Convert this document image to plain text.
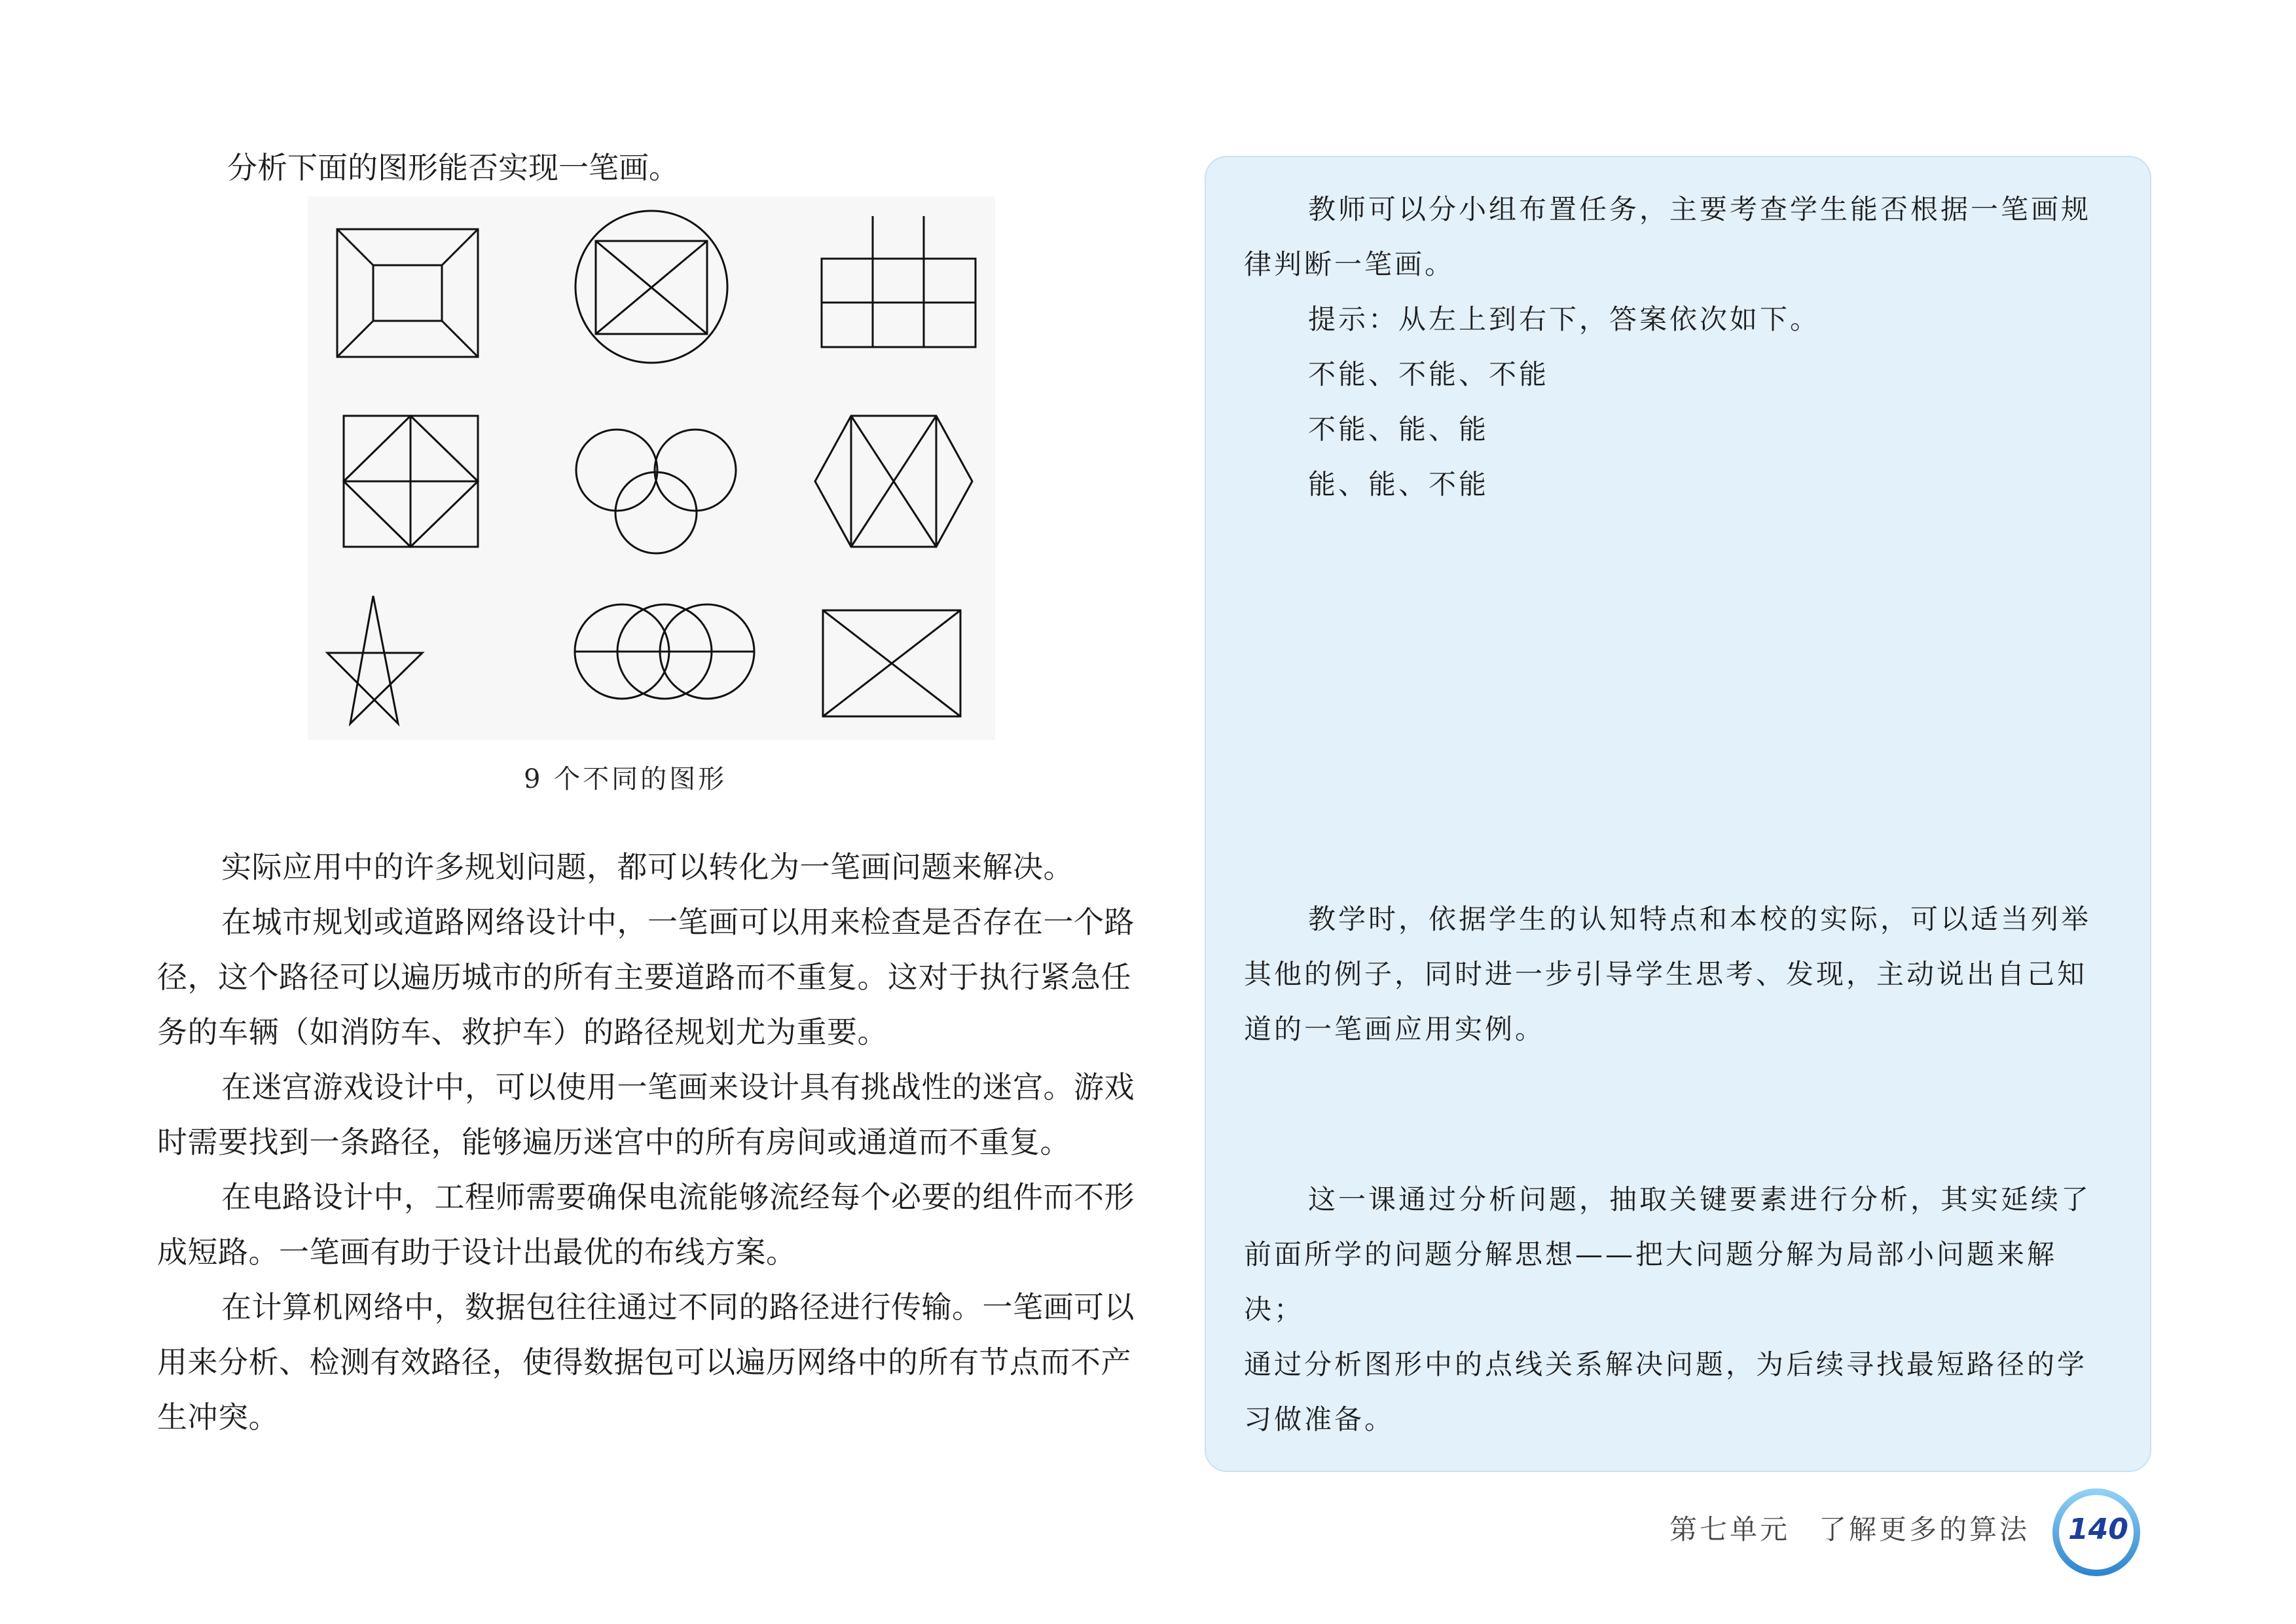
分析下面的图形能否实现一笔画。
9 个不同的图形
实际应用中的许多规划问题，都可以转化为一笔画问题来解决。
在城市规划或道路网络设计中，一笔画可以用来检查是否存在一个路径，这个路径可以遍历城市的所有主要道路而不重复。这对于执行紧急任务的车辆（如消防车、救护车）的路径规划尤为重要。
在迷宫游戏设计中，可以使用一笔画来设计具有挑战性的迷宫。游戏时需要找到一条路径，能够遍历迷宫中的所有房间或通道而不重复。
在电路设计中，工程师需要确保电流能够流经每个必要的组件而不形成短路。一笔画有助于设计出最优的布线方案。
在计算机网络中，数据包往往通过不同的路径进行传输。一笔画可以用来分析、检测有效路径，使得数据包可以遍历网络中的所有节点而不产生冲突。
教师可以分小组布置任务，主要考查学生能否根据一笔画规
律判断一笔画。
提示：从左上到右下，答案依次如下。
不能、不能、不能
不能、能、能
能、能、不能
教学时，依据学生的认知特点和本校的实际，可以适当列举
其他的例子，同时进一步引导学生思考、发现，主动说出自己知
道的一笔画应用实例。
这一课通过分析问题，抽取关键要素进行分析，其实延续了
前面所学的问题分解思想——把大问题分解为局部小问题来解决；
通过分析图形中的点线关系解决问题，为后续寻找最短路径的学
习做准备。
第七单元 了解更多的算法	140
